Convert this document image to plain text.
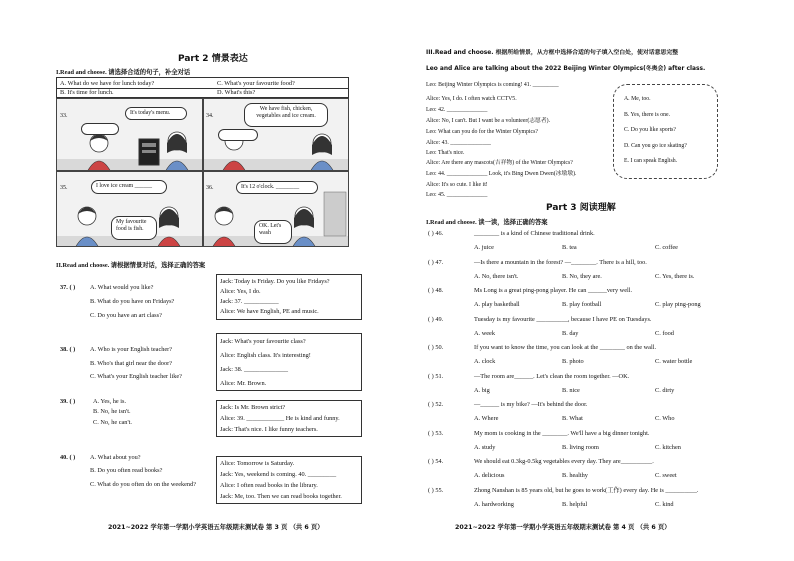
Part 2 情景表达
I.Read and choose. 请选择合适的句子，补全对话
A. What do we have for lunch today?	C. What's your favourite food?
B. It's time for lunch.	D. What's this?
33.	It's today's menu.	34.
We have fish, chicken, vegetables and ice cream.
35.	I love ice cream ______
My favourite food is fish.
36.	It's 12 o'clock. ________
OK. Let's wash
II.Read and choose. 请根据情景对话，选择正确的答案
37. ( ) A. What would you like?
B. What do you have on Fridays?
C. Do you have an art class?
Jack: Today is Friday. Do you like Fridays?
Alice: Yes, I do.
Jack: 37. ___________
Alice: We have English, PE and music.
38. ( ) A. Who is your English teacher?
B. Who's that girl near the door?
C. What's your English teacher like?
Jack: What's your favourite class?
Alice: English class. It's interesting!
Jack: 38. ______________
Alice: Mr. Brown.
39. ( )	A. Yes, he is.
B. No, he isn't.
C. No, he can't.
Jack: Is Mr. Brown strict?
Alice: 39. ____________ He is kind and funny.
Jack: That's nice. I like funny teachers.
40. ( ) A. What about you?
B. Do you often read books?
C. What do you often do on the weekend?
Alice: Tomorrow is Saturday.
Jack: Yes, weekend is coming. 40. _________
Alice: I often read books in the library.
Jack: Me, too. Then we can read books together.
2021~2022 学年第一学期小学英语五年级期末测试卷 第 3 页 （共 6 页）
III.Read and choose. 根据所给情景，从方框中选择合适的句子填入空白处，使对话意思完整
Leo and Alice are talking about the 2022 Beijing Winter Olympics(冬奥会) after class.
Leo: Beijing Winter Olympics is coming! 41. _________
Alice: Yes, I do. I often watch CCTV5.
Leo: 42. ______________
Alice: No, I can't. But I want be a volunteer(志愿者).
Leo: What can you do for the Winter Olympics?
Alice: 43. ______________
Leo: That's nice.
Alice: Are there any mascots(吉祥物) of the Winter Olympics?
Leo: 44. ______________ Look, it's Bing Dwen Dwen(冰墩墩).
Alice: It's so cute. I like it!
Leo: 45. ______________
A. Me, too.
B. Yes, there is one.
C. Do you like sports?
D. Can you go ice skating?
E. I can speak English.
Part 3 阅读理解
I.Read and choose. 读一读，选择正确的答案
( ) 46.	________ is a kind of Chinese traditional drink.
A. juice	B. tea	C. coffee
( ) 47.	—Is there a mountain in the forest? —________. There is a hill, too.
A. No, there isn't.	B. No, they are.	C. Yes, there is.
( ) 48.	Ms Long is a great ping-pong player. He can ______very well.
A. play basketball	B. play football	C. play ping-pong
( ) 49.	Tuesday is my favourite __________, because I have PE on Tuesdays.
A. week	B. day	C. food
( ) 50.	If you want to know the time, you can look at the ________ on the wall.
A. clock	B. photo	C. water bottle
( ) 51.	—The room are______. Let's clean the room together. —OK.
A. big	B. nice	C. dirty
( ) 52.	—______ is my bike? —It's behind the door.
A. Where	B. What	C. Who
( ) 53.	My mom is cooking in the ________. We'll have a big dinner tonight.
A. study	B. living room	C. kitchen
( ) 54.	We should eat 0.3kg-0.5kg vegetables every day. They are__________.
A. delicious	B. healthy	C. sweet
( ) 55.	Zhong Nanshan is 85 years old, but he goes to work(工作) every day. He is __________.
A. hardworking	B. helpful	C. kind
2021~2022 学年第一学期小学英语五年级期末测试卷 第 4 页 （共 6 页）
